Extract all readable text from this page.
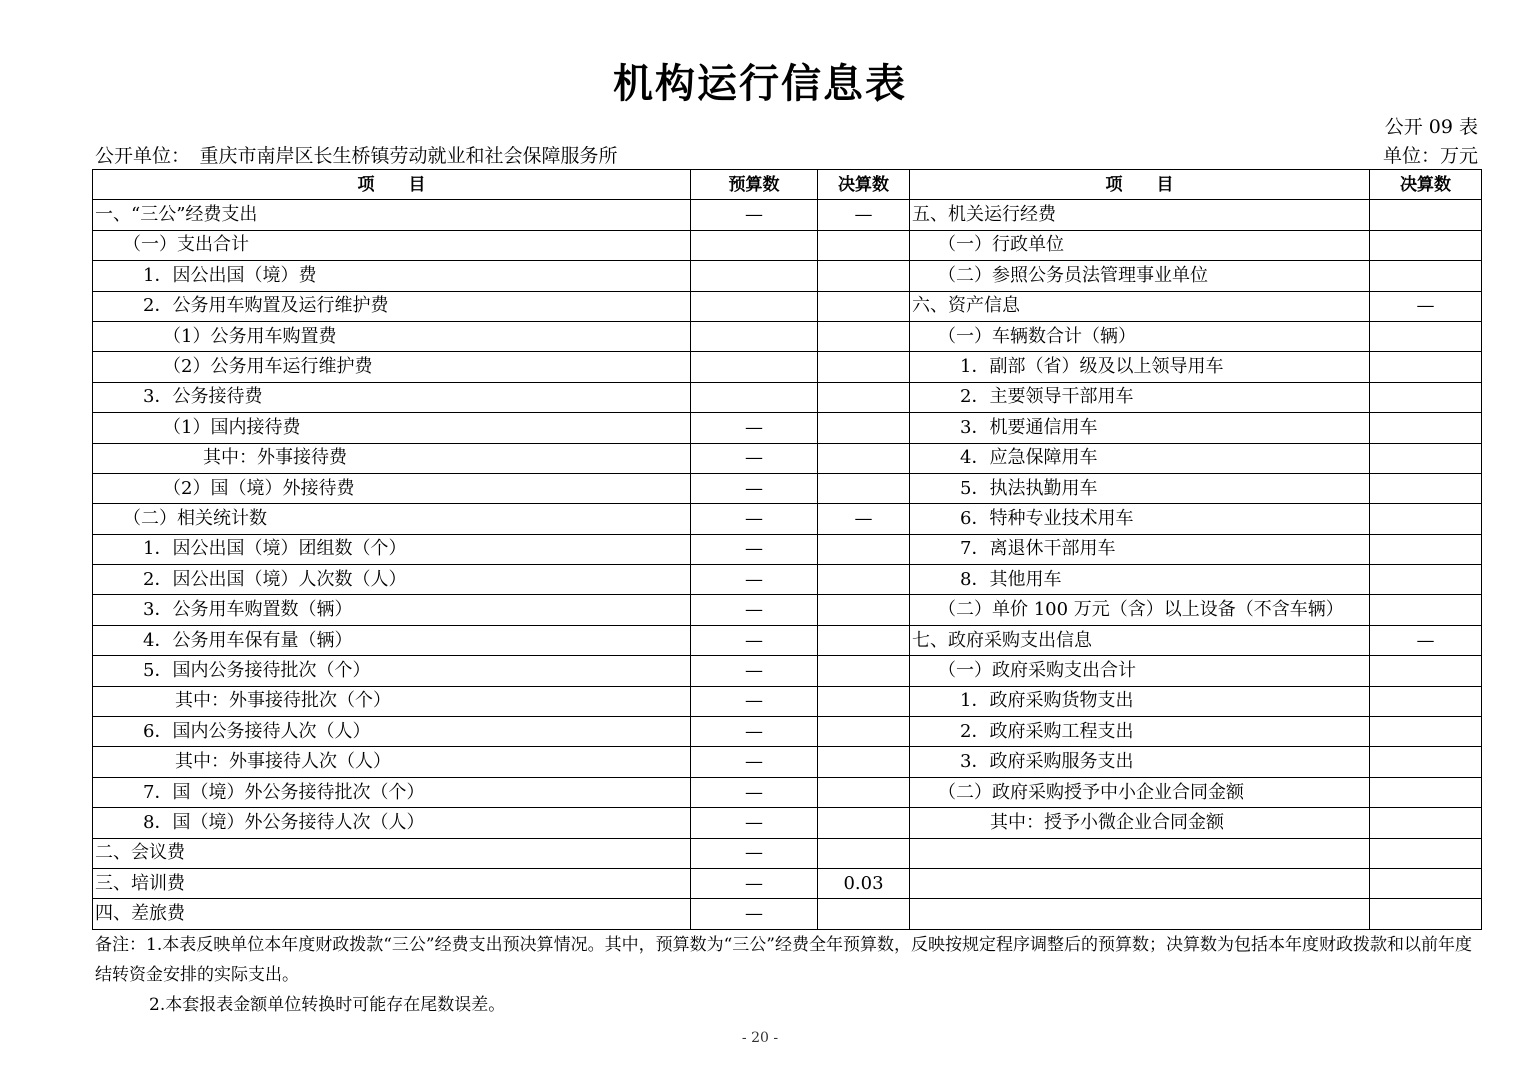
机构运行信息表
公开 09 表
公开单位：　重庆市南岸区长生桥镇劳动就业和社会保障服务所	单位：万元
项　　目	预算数	决算数	项　　目	决算数
一、“三公”经费支出	—	—	五、机关运行经费	
（一）支出合计			（一）行政单位	
1．因公出国（境）费			（二）参照公务员法管理事业单位	
2．公务用车购置及运行维护费			六、资产信息	—
（1）公务用车购置费			（一）车辆数合计（辆）	
（2）公务用车运行维护费			1．副部（省）级及以上领导用车	
3．公务接待费			2．主要领导干部用车	
（1）国内接待费	—		3．机要通信用车	
其中：外事接待费	—		4．应急保障用车	
（2）国（境）外接待费	—		5．执法执勤用车	
（二）相关统计数	—	—	6．特种专业技术用车	
1．因公出国（境）团组数（个）	—		7．离退休干部用车	
2．因公出国（境）人次数（人）	—		8．其他用车	
3．公务用车购置数（辆）	—		（二）单价 100 万元（含）以上设备（不含车辆）	
4．公务用车保有量（辆）	—		七、政府采购支出信息	—
5．国内公务接待批次（个）	—		（一）政府采购支出合计	
其中：外事接待批次（个）	—		1．政府采购货物支出	
6．国内公务接待人次（人）	—		2．政府采购工程支出	
其中：外事接待人次（人）	—		3．政府采购服务支出	
7．国（境）外公务接待批次（个）	—		（二）政府采购授予中小企业合同金额	
8．国（境）外公务接待人次（人）	—		其中：授予小微企业合同金额	
二、会议费	—			
三、培训费	—	0.03		
四、差旅费	—			
备注：1.本表反映单位本年度财政拨款“三公”经费支出预决算情况。其中，预算数为“三公”经费全年预算数，反映按规定程序调整后的预算数；决算数为包括本年度财政拨款和以前年度结转资金安排的实际支出。
2.本套报表金额单位转换时可能存在尾数误差。
- 20 -
